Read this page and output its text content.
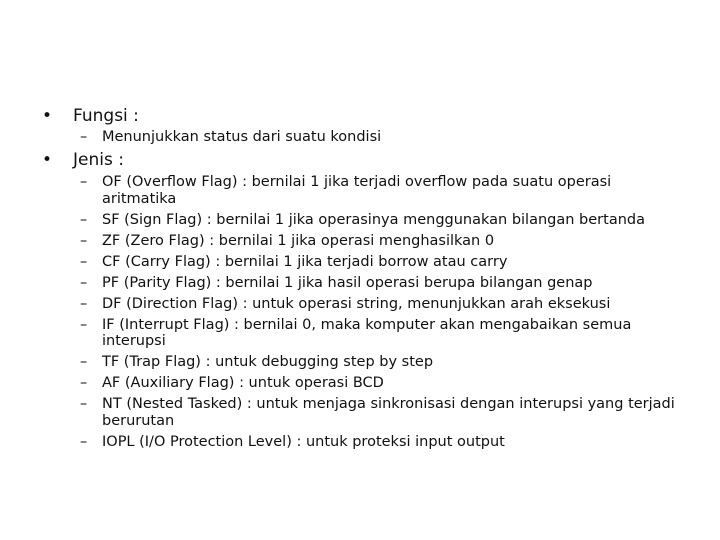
• Fungsi :
– Menunjukkan status dari suatu kondisi
• Jenis :
– OF (Overflow Flag) : bernilai 1 jika terjadi overflow pada suatu operasi aritmatika
– SF (Sign Flag) : bernilai 1 jika operasinya menggunakan bilangan bertanda
– ZF (Zero Flag) : bernilai 1 jika operasi menghasilkan 0
– CF (Carry Flag) : bernilai 1 jika terjadi borrow atau carry
– PF (Parity Flag) : bernilai 1 jika hasil operasi berupa bilangan genap
– DF (Direction Flag) : untuk operasi string, menunjukkan arah eksekusi
– IF (Interrupt Flag) : bernilai 0, maka komputer akan mengabaikan semua interupsi
– TF (Trap Flag) : untuk debugging step by step
– AF (Auxiliary Flag) : untuk operasi BCD
– NT (Nested Tasked) : untuk menjaga sinkronisasi dengan interupsi yang terjadi berurutan
– IOPL (I/O Protection Level) : untuk proteksi input output
